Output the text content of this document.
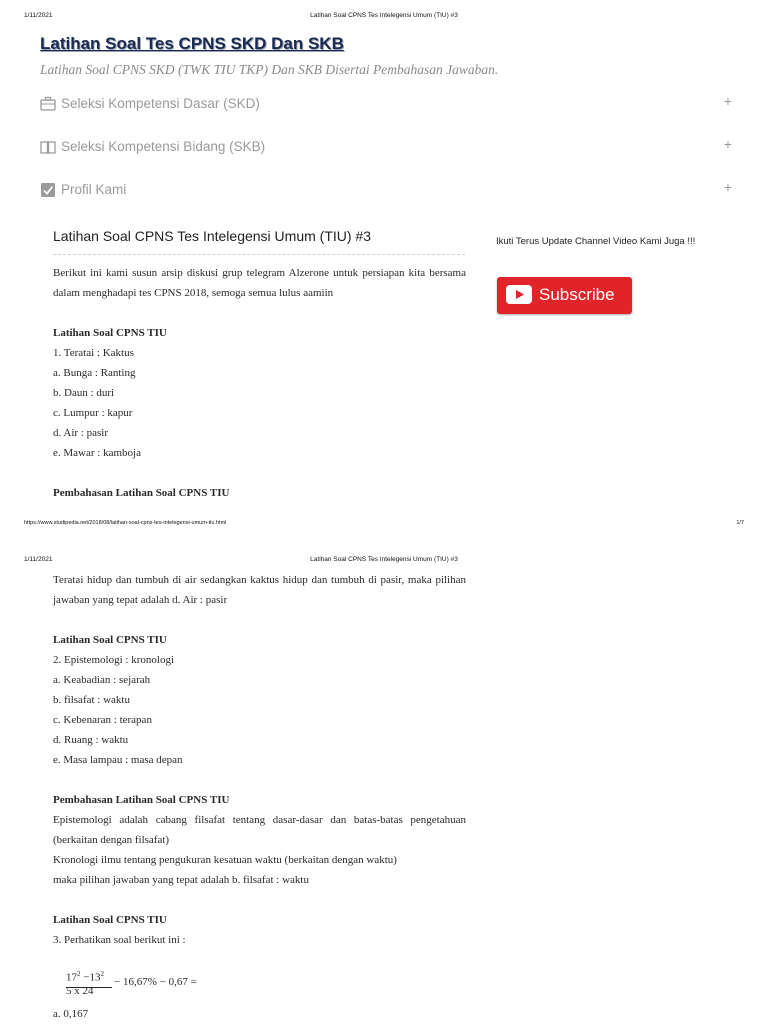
1/11/2021	Latihan Soal CPNS Tes Intelegensi Umum (TIU) #3
Latihan Soal Tes CPNS SKD Dan SKB
Latihan Soal CPNS SKD (TWK TIU TKP) Dan SKB Disertai Pembahasan Jawaban.
Seleksi Kompetensi Dasar (SKD)	+
Seleksi Kompetensi Bidang (SKB)	+
Profil Kami	+
Latihan Soal CPNS Tes Intelegensi Umum (TIU) #3	Ikuti Terus Update Channel Video Kami Juga !!!
Subscribe

Berikut ini kami susun arsip diskusi grup telegram Alzerone untuk persiapan kita bersama dalam menghadapi tes CPNS 2018, semoga semua lulus aamiin

Latihan Soal CPNS TIU

1. Teratai : Kaktus

a. Bunga : Ranting

b. Daun : duri

c. Lumpur : kapur

d. Air : pasir

e. Mawar : kamboja

Pembahasan Latihan Soal CPNS TIU

https://www.studipedia.net/2018/08/latihan-soal-cpns-tes-intelegensi-umum-tiu.html	1/7
1/11/2021	Latihan Soal CPNS Tes Intelegensi Umum (TIU) #3

Teratai hidup dan tumbuh di air sedangkan kaktus hidup dan tumbuh di pasir, maka pilihan jawaban yang tepat adalah d. Air : pasir

Latihan Soal CPNS TIU

2. Epistemologi : kronologi

a. Keabadian : sejarah

b. filsafat : waktu

c. Kebenaran : terapan

d. Ruang : waktu

e. Masa lampau : masa depan

Pembahasan Latihan Soal CPNS TIU

Epistemologi adalah cabang filsafat tentang dasar-dasar dan batas-batas pengetahuan (berkaitan dengan filsafat)

Kronologi ilmu tentang pengukuran kesatuan waktu (berkaitan dengan waktu)

maka pilihan jawaban yang tepat adalah b. filsafat : waktu

Latihan Soal CPNS TIU

3. Perhatikan soal berikut ini :

$17^2 -13^2$
5 x 24
− 16,67% − 0,67 =

a. 0,167
